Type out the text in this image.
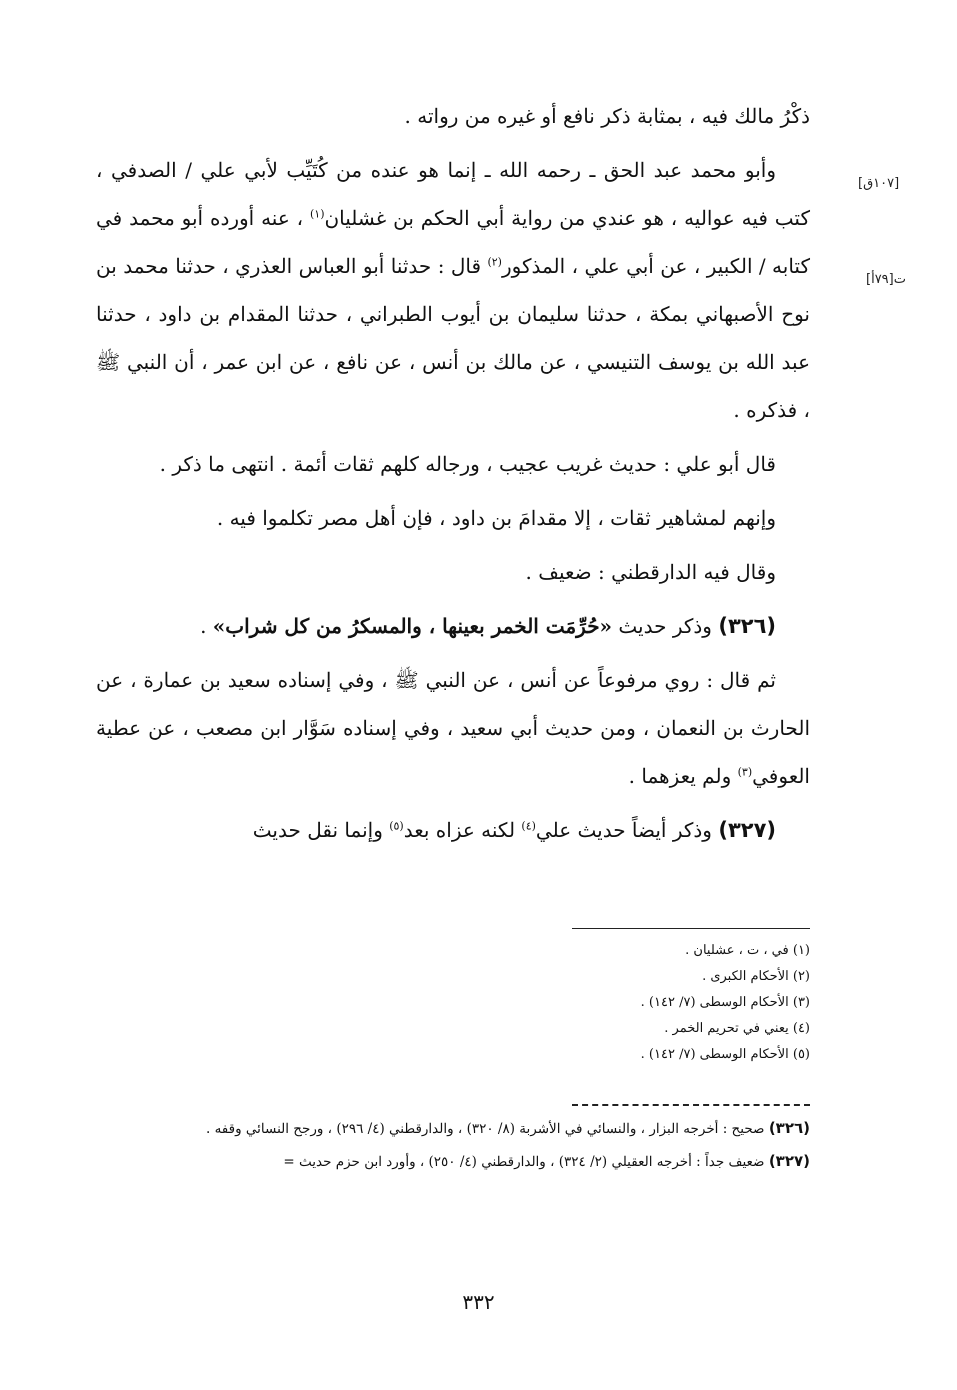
[١٠٧ق]
[٧٩أ]ت

ذكْرُ مالك فيه ، بمثابة ذكر نافع أو غيره من رواته .

وأبو محمد عبد الحق ـ رحمه الله ـ إنما هو عنده من كُتَيِّب لأبي علي / الصدفي ، كتب فيه عواليه ، هو عندي من رواية أبي الحكم بن غشليان$^{(١)}$ ، عنه أورده أبو محمد في كتابه / الكبير ، عن أبي علي ، المذكور$^{(٢)}$ قال : حدثنا أبو العباس العذري ، حدثنا محمد بن نوح الأصبهاني بمكة ، حدثنا سليمان بن أيوب الطبراني ، حدثنا المقدام بن داود ، حدثنا عبد الله بن يوسف التنيسي ، عن مالك بن أنس ، عن نافع ، عن ابن عمر ، أن النبي ﷺ ، فذكره .

قال أبو علي : حديث غريب عجيب ، ورجاله كلهم ثقات أئمة . انتهى ما ذكر .

وإنهم لمشاهير ثقات ، إلا مقدامَ بن داود ، فإن أهل مصر تكلموا فيه .

وقال فيه الدارقطني : ضعيف .

(٣٢٦) وذكر حديث «حُرِّمَت الخمر بعينها ، والمسكرُ من كل شراب» .

ثم قال : روي مرفوعاً عن أنس ، عن النبي ﷺ ، وفي إسناده سعيد بن عمارة ، عن الحارث بن النعمان ، ومن حديث أبي سعيد ، وفي إسناده سَوَّار ابن مصعب ، عن عطية العوفي$^{(٣)}$ ولم يعزهما .

(٣٢٧) وذكر أيضاً حديث علي$^{(٤)}$ لكنه عزاه بعد$^{(٥)}$ وإنما نقل حديث

(١) في ، ت ، عشليان .
(٢) الأحكام الكبرى .
(٣) الأحكام الوسطى (٧/ ١٤٢) .
(٤) يعني في تحريم الخمر .
(٥) الأحكام الوسطى (٧/ ١٤٢) .
(٣٢٦) صحيح : أخرجه البزار ، والنسائي في الأشربة (٨/ ٣٢٠) ، والدارقطني (٤/ ٢٩٦) ، ورجح النسائي وقفه .
(٣٢٧) ضعيف جداً : أخرجه العقيلي (٢/ ٣٢٤) ، والدارقطني (٤/ ٢٥٠) ، وأورد ابن حزم حديث =
٣٣٢
